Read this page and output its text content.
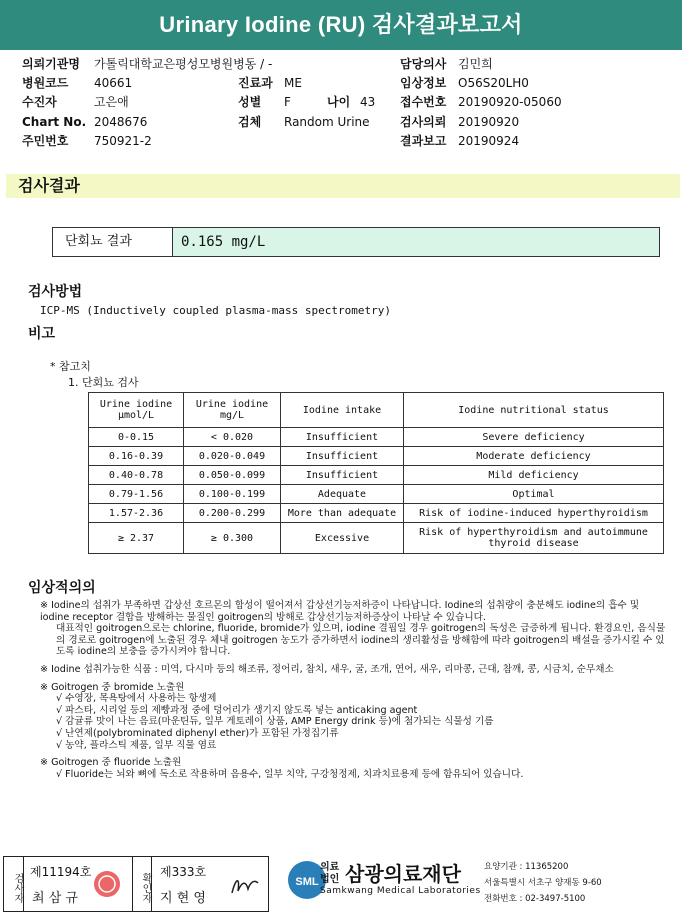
Urinary Iodine (RU) 검사결과보고서
의뢰기관명 가톨릭대학교은평성모병원병동 / -
병원코드 40661
수진자	고은애
Chart No. 2048676
주민번호 750921-2
진료과 ME
성별 F	나이 43
검체 Random Urine
담당의사 김민희
임상정보 O56S20LH0
접수번호 20190920-05060
검사의뢰 20190920
결과보고 20190924
검사결과
단회뇨 결과	0.165 mg/L
검사방법
ICP-MS (Inductively coupled plasma-mass spectrometry)
비고
* 참고치
1. 단회뇨 검사
Urine iodine μmol/L	Urine iodine mg/L	Iodine intake	Iodine nutritional status
0-0.15	< 0.020	Insufficient	Severe deficiency
0.16-0.39	0.020-0.049	Insufficient	Moderate deficiency
0.40-0.78	0.050-0.099	Insufficient	Mild deficiency
0.79-1.56	0.100-0.199	Adequate	Optimal
1.57-2.36	0.200-0.299	More than adequate	Risk of iodine-induced hyperthyroidism
≥ 2.37	≥ 0.300	Excessive	Risk of hyperthyroidism and autoimmune thyroid disease
임상적의의

※ Iodine의 섭취가 부족하면 갑상선 호르몬의 합성이 떨어져서 갑상선기능저하증이 나타납니다. Iodine의 섭취량이 충분해도 iodine의 흡수 및 iodine receptor 결합을 방해하는 물질인 goitrogen의 방해로 갑상선기능저하증상이 나타날 수 있습니다.

대표적인 goitrogen으로는 chlorine, fluoride, bromide가 있으며, iodine 결핍일 경우 goitrogen의 독성은 급증하게 됩니다. 환경요인, 음식물의 경로로 goitrogen에 노출된 경우 체내 goitrogen 농도가 증가하면서 iodine의 생리활성을 방해함에 따라 goitrogen의 배설을 증가시킬 수 있도록 iodine의 보충을 증가시켜야 합니다.

※ Iodine 섭취가능한 식품 : 미역, 다시마 등의 해조류, 정어리, 참치, 새우, 굴, 조개, 연어, 새우, 리마콩, 근대, 참깨, 콩, 시금치, 순무채소

※ Goitrogen 중 bromide 노출원

√ 수영장, 목욕탕에서 사용하는 항생제

√ 파스타, 시리얼 등의 제빵과정 중에 덩어리가 생기지 않도록 넣는 anticaking agent

√ 감귤류 맛이 나는 음료(마운틴듀, 일부 게토레이 상품, AMP Energy drink 등)에 첨가되는 식물성 기름

√ 난연제(polybrominated diphenyl ether)가 포함된 가정집기류

√ 농약, 플라스틱 제품, 일부 직물 염료

※ Goitrogen 중 fluoride 노출원

√ Fluoride는 뇌와 뼈에 독소로 작용하며 음용수, 일부 치약, 구강청정제, 치과치료용제 등에 함유되어 있습니다.

검사자
제11194호
최 삼 규	확인자
제333호
지 현 영
SML
의료법인 삼광의료재단
Samkwang Medical Laboratories
요양기관 : 11365200
서울특별시 서초구 양재동 9-60
전화번호 : 02-3497-5100
